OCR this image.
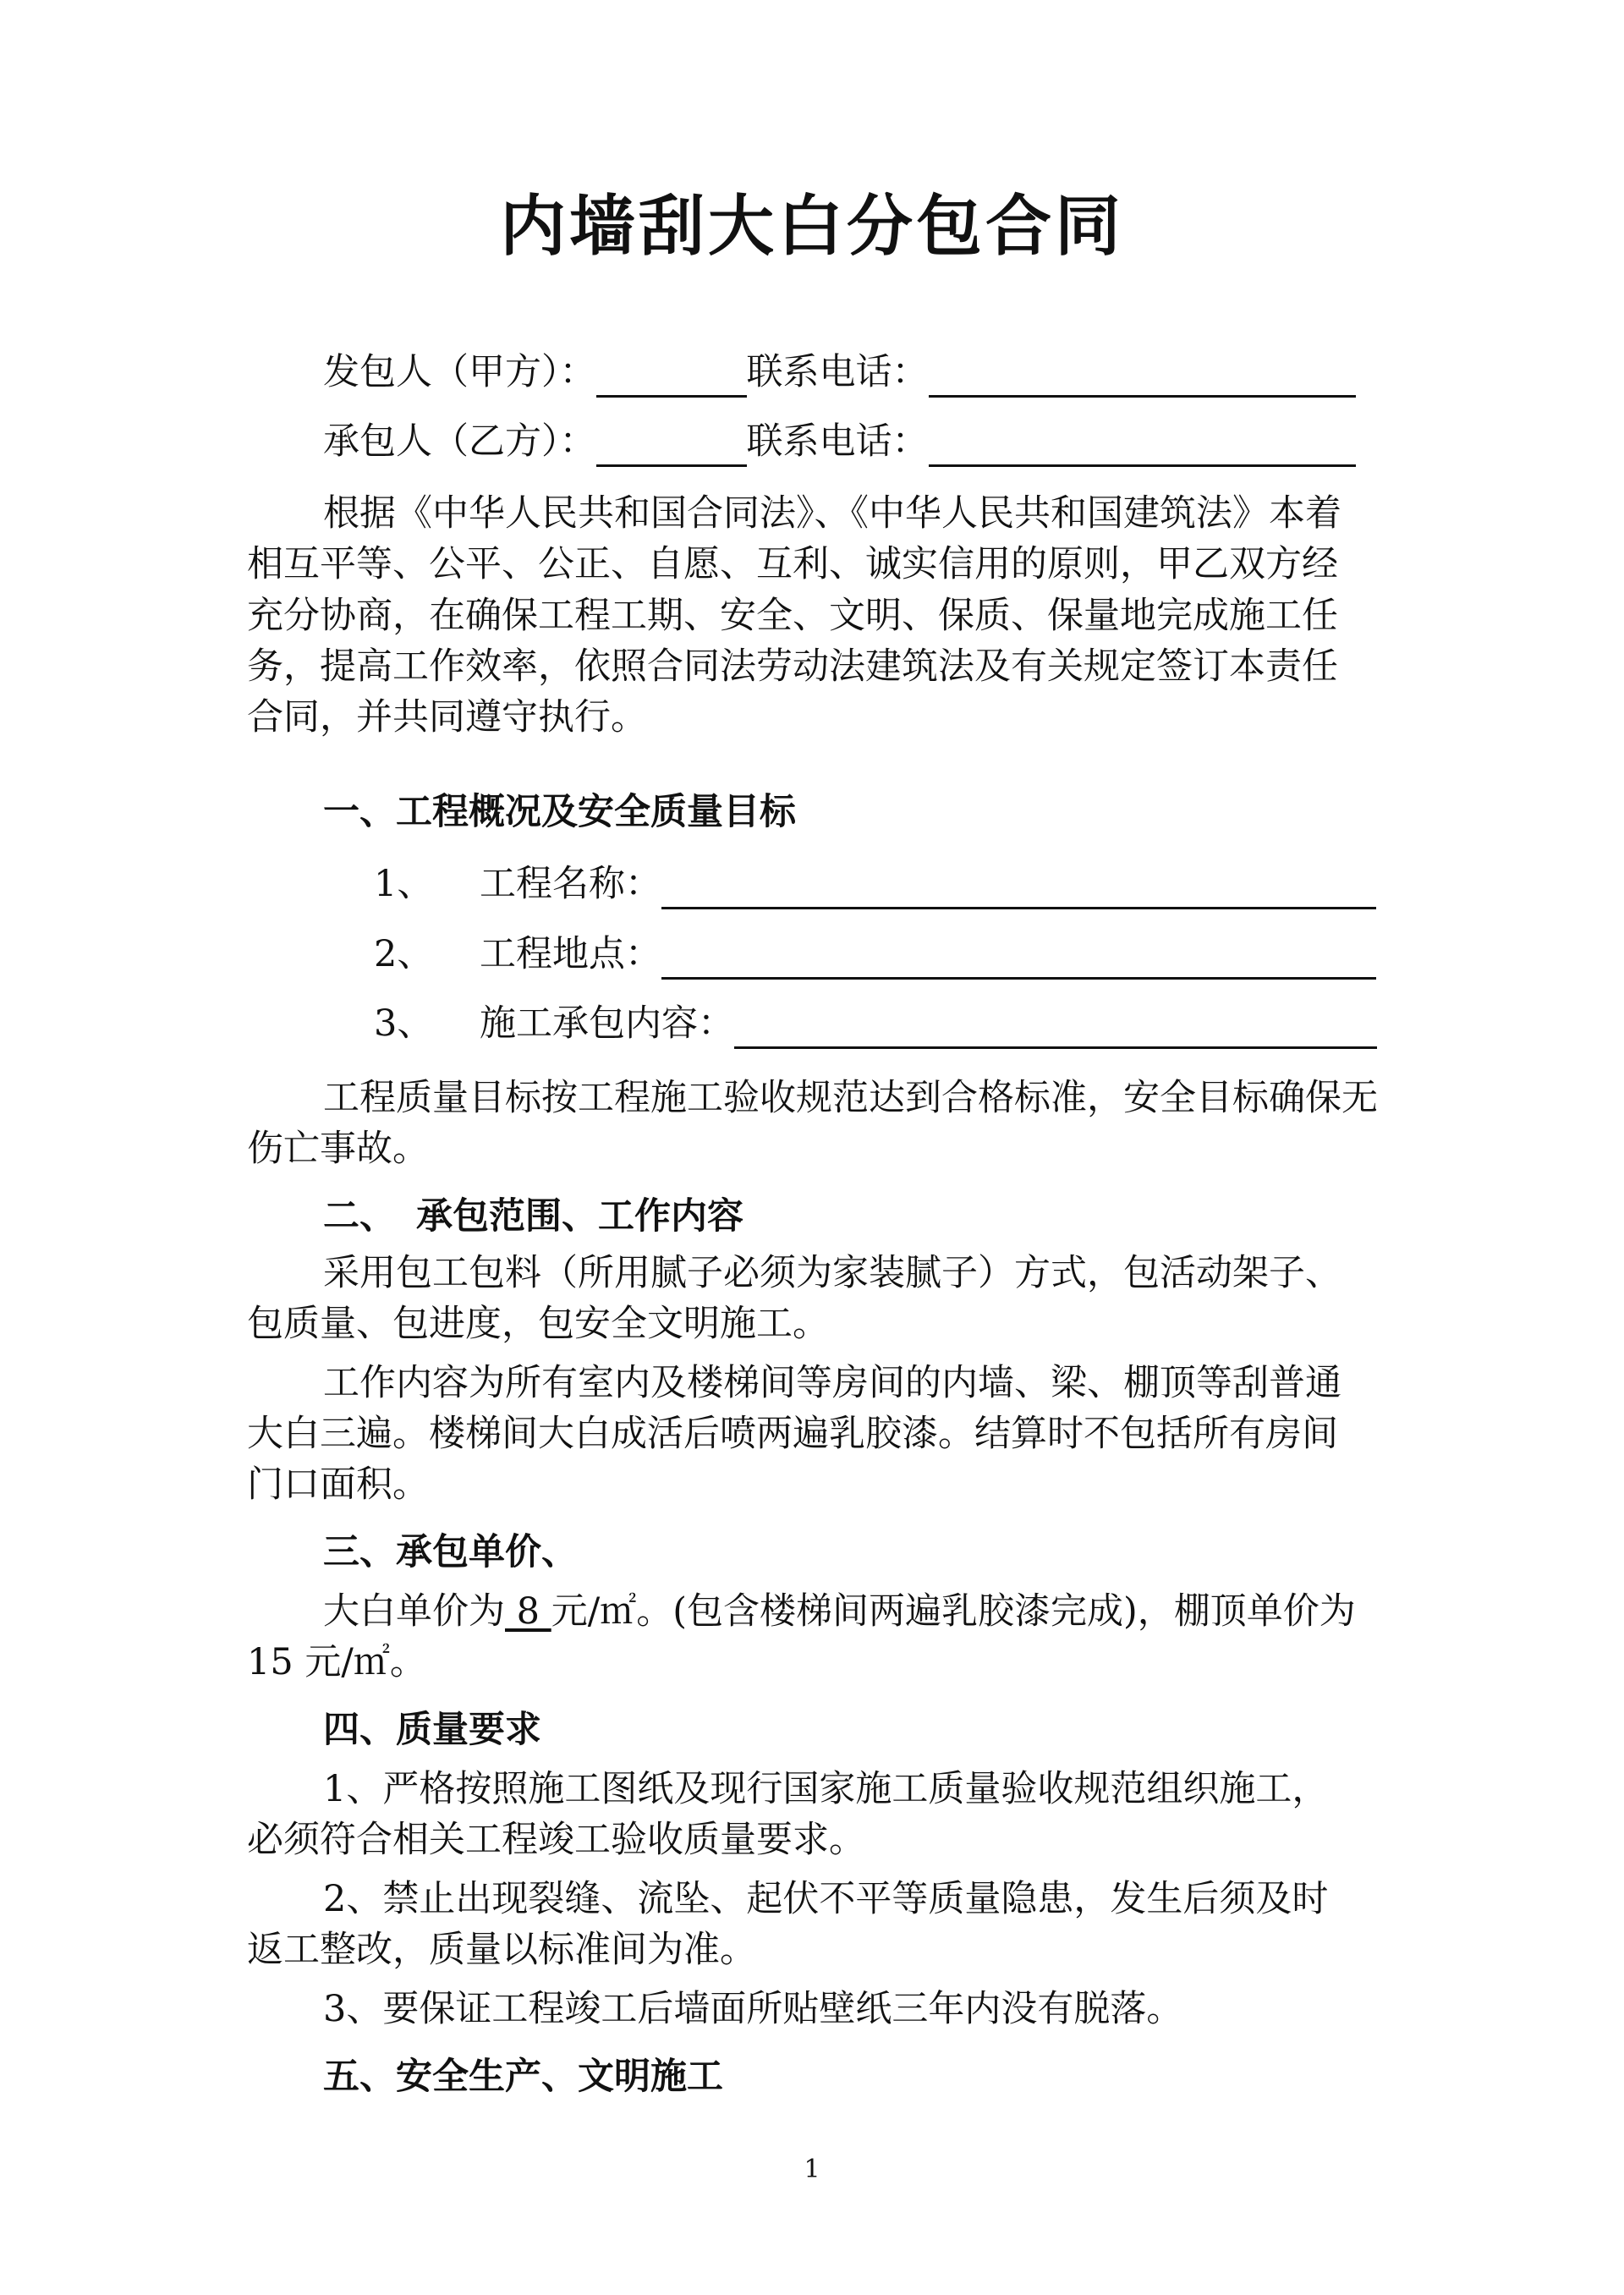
内墙刮大白分包合同
发包人（甲方）：	联系电话：
承包人（乙方）：	联系电话：
根据《中华人民共和国合同法》、《中华人民共和国建筑法》本着
相互平等、公平、公正、自愿、互利、诚实信用的原则，甲乙双方经
充分协商，在确保工程工期、安全、文明、保质、保量地完成施工任
务，提高工作效率，依照合同法劳动法建筑法及有关规定签订本责任
合同，并共同遵守执行。
一、工程概况及安全质量目标
1、 工程名称：
2、 工程地点：
3、 施工承包内容：
工程质量目标按工程施工验收规范达到合格标准，安全目标确保无
伤亡事故。
二、 承包范围、工作内容
采用包工包料（所用腻子必须为家装腻子）方式，包活动架子、
包质量、包进度，包安全文明施工。
工作内容为所有室内及楼梯间等房间的内墙、梁、棚顶等刮普通
大白三遍。楼梯间大白成活后喷两遍乳胶漆。结算时不包括所有房间
门口面积。
三、承包单价、
大白单价为 8 元/㎡。(包含楼梯间两遍乳胶漆完成)，棚顶单价为
15 元/㎡。
四、质量要求
1、严格按照施工图纸及现行国家施工质量验收规范组织施工，
必须符合相关工程竣工验收质量要求。
2、禁止出现裂缝、流坠、起伏不平等质量隐患，发生后须及时
返工整改，质量以标准间为准。
3、要保证工程竣工后墙面所贴壁纸三年内没有脱落。
五、安全生产、文明施工
1
